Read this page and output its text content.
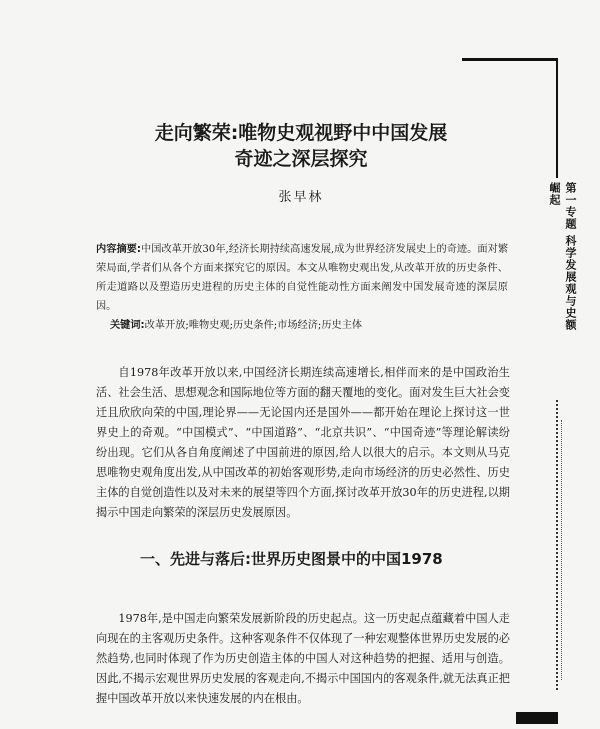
第一专题 科学发展观与史额崛起
走向繁荣:唯物史观视野中中国发展
奇迹之深层探究
张早林
内容摘要:中国改革开放30年,经济长期持续高速发展,成为世界经济发展史上的奇迹。面对繁荣局面,学者们从各个方面来探究它的原因。本文从唯物史观出发,从改革开放的历史条件、所走道路以及塑造历史进程的历史主体的自觉性能动性方面来阐发中国发展奇迹的深层原因。
关键词:改革开放;唯物史观;历史条件;市场经济;历史主体

自1978年改革开放以来,中国经济长期连续高速增长,相伴而来的是中国政治生活、社会生活、思想观念和国际地位等方面的翻天覆地的变化。面对发生巨大社会变迁且欣欣向荣的中国,理论界——无论国内还是国外——都开始在理论上探讨这一世界史上的奇观。“中国模式”、“中国道路”、“北京共识”、“中国奇迹”等理论解读纷纷出现。它们从各自角度阐述了中国前进的原因,给人以很大的启示。本文则从马克思唯物史观角度出发,从中国改革的初始客观形势,走向市场经济的历史必然性、历史主体的自觉创造性以及对未来的展望等四个方面,探讨改革开放30年的历史进程,以期揭示中国走向繁荣的深层历史发展原因。

一、先进与落后:世界历史图景中的中国1978

1978年,是中国走向繁荣发展新阶段的历史起点。这一历史起点蕴藏着中国人走向现在的主客观历史条件。这种客观条件不仅体现了一种宏观整体世界历史发展的必然趋势,也同时体现了作为历史创造主体的中国人对这种趋势的把握、适用与创造。因此,不揭示宏观世界历史发展的客观走向,不揭示中国国内的客观条件,就无法真正把握中国改革开放以来快速发展的内在根由。
